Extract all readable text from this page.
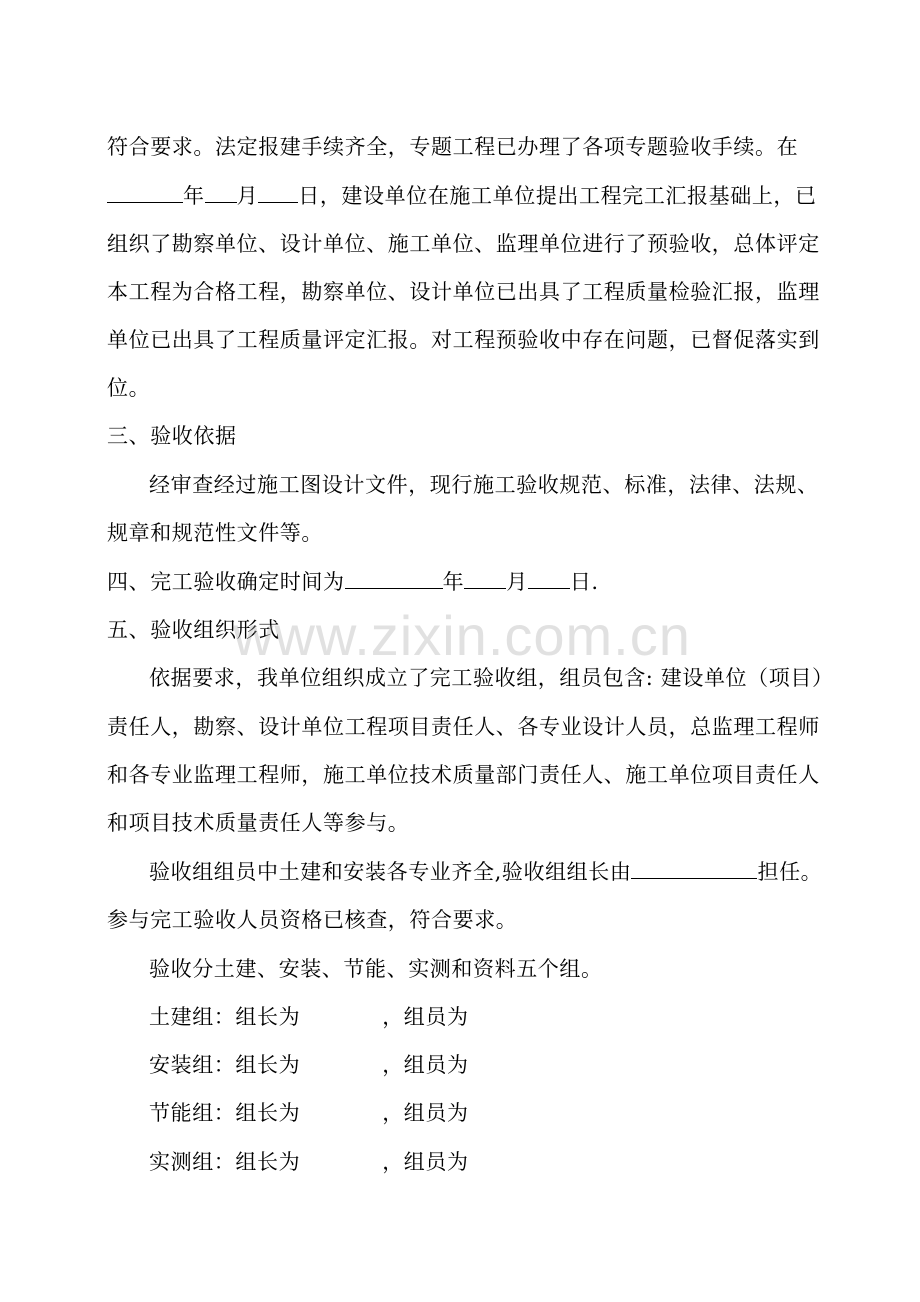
符合要求。法定报建手续齐全，专题工程已办理了各项专题验收手续。在
年 月 日，建设单位在施工单位提出工程完工汇报基础上，已
组织了勘察单位、设计单位、施工单位、监理单位进行了预验收，总体评定
本工程为合格工程，勘察单位、设计单位已出具了工程质量检验汇报，监理
单位已出具了工程质量评定汇报。对工程预验收中存在问题，已督促落实到
位。
三、验收依据
经审查经过施工图设计文件，现行施工验收规范、标准，法律、法规、
规章和规范性文件等。
四、完工验收确定时间为	年 月 日.
五、验收组织形式
依据要求，我单位组织成立了完工验收组，组员包含: 建设单位（项目）
责任人，勘察、设计单位工程项目责任人、各专业设计人员，总监理工程师
和各专业监理工程师，施工单位技术质量部门责任人、施工单位项目责任人
和项目技术质量责任人等参与。
验收组组员中土建和安装各专业齐全,验收组组长由	担任。
参与完工验收人员资格已核查，符合要求。
验收分土建、安装、节能、实测和资料五个组。
土建组：组长为	，组员为
安装组：组长为	，组员为
节能组：组长为	，组员为
实测组：组长为	，组员为
www.zixin.com.cn
